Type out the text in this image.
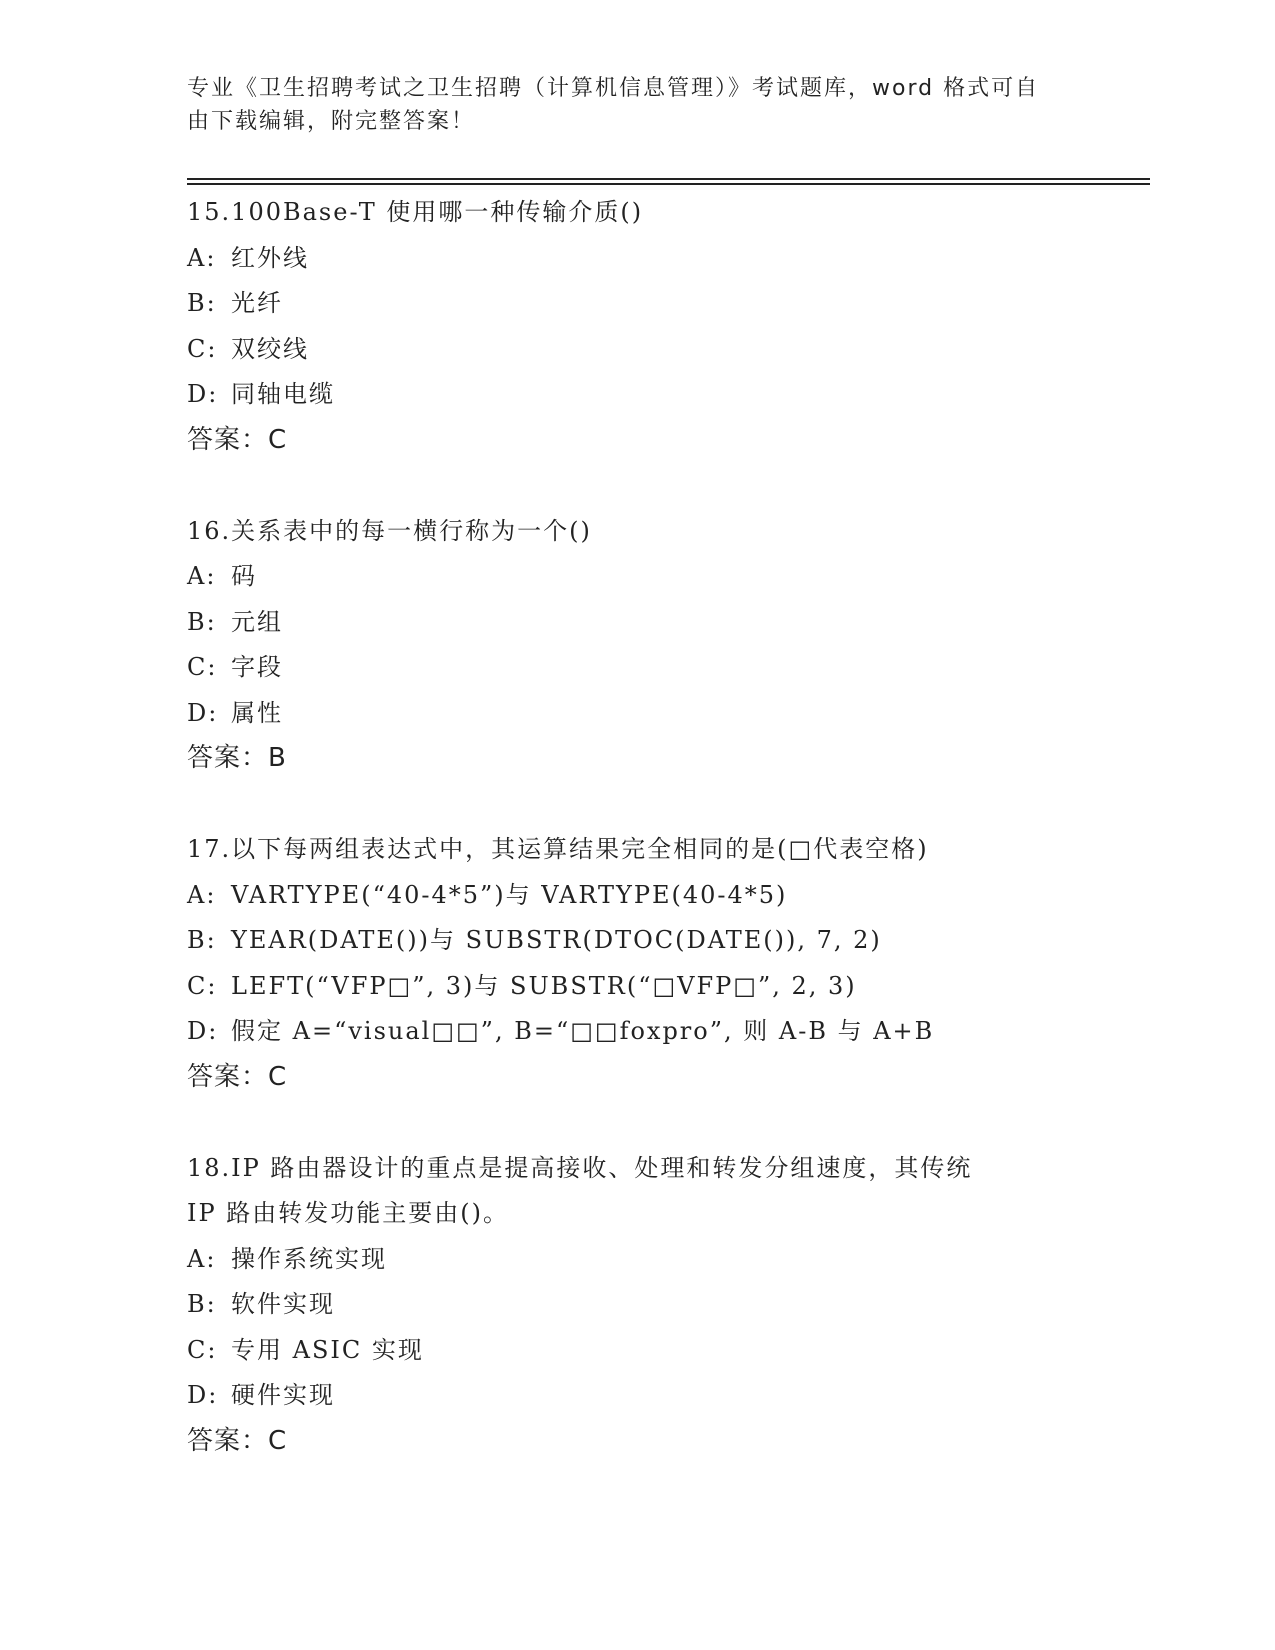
专业《卫生招聘考试之卫生招聘（计算机信息管理）》考试题库，word 格式可自
由下载编辑，附完整答案！
15.100Base-T 使用哪一种传输介质()
A: 红外线
B: 光纤
C: 双绞线
D: 同轴电缆
答案：C
16.关系表中的每一横行称为一个()
A: 码
B: 元组
C: 字段
D: 属性
答案：B
17.以下每两组表达式中，其运算结果完全相同的是(□代表空格)
A: VARTYPE(“40-4*5”)与 VARTYPE(40-4*5)
B: YEAR(DATE())与 SUBSTR(DTOC(DATE()), 7, 2)
C: LEFT(“VFP□”, 3)与 SUBSTR(“□VFP□”, 2, 3)
D: 假定 A=“visual□□”, B=“□□foxpro”, 则 A-B 与 A+B
答案：C
18.IP 路由器设计的重点是提高接收、处理和转发分组速度，其传统
IP 路由转发功能主要由()。
A: 操作系统实现
B: 软件实现
C: 专用 ASIC 实现
D: 硬件实现
答案：C
